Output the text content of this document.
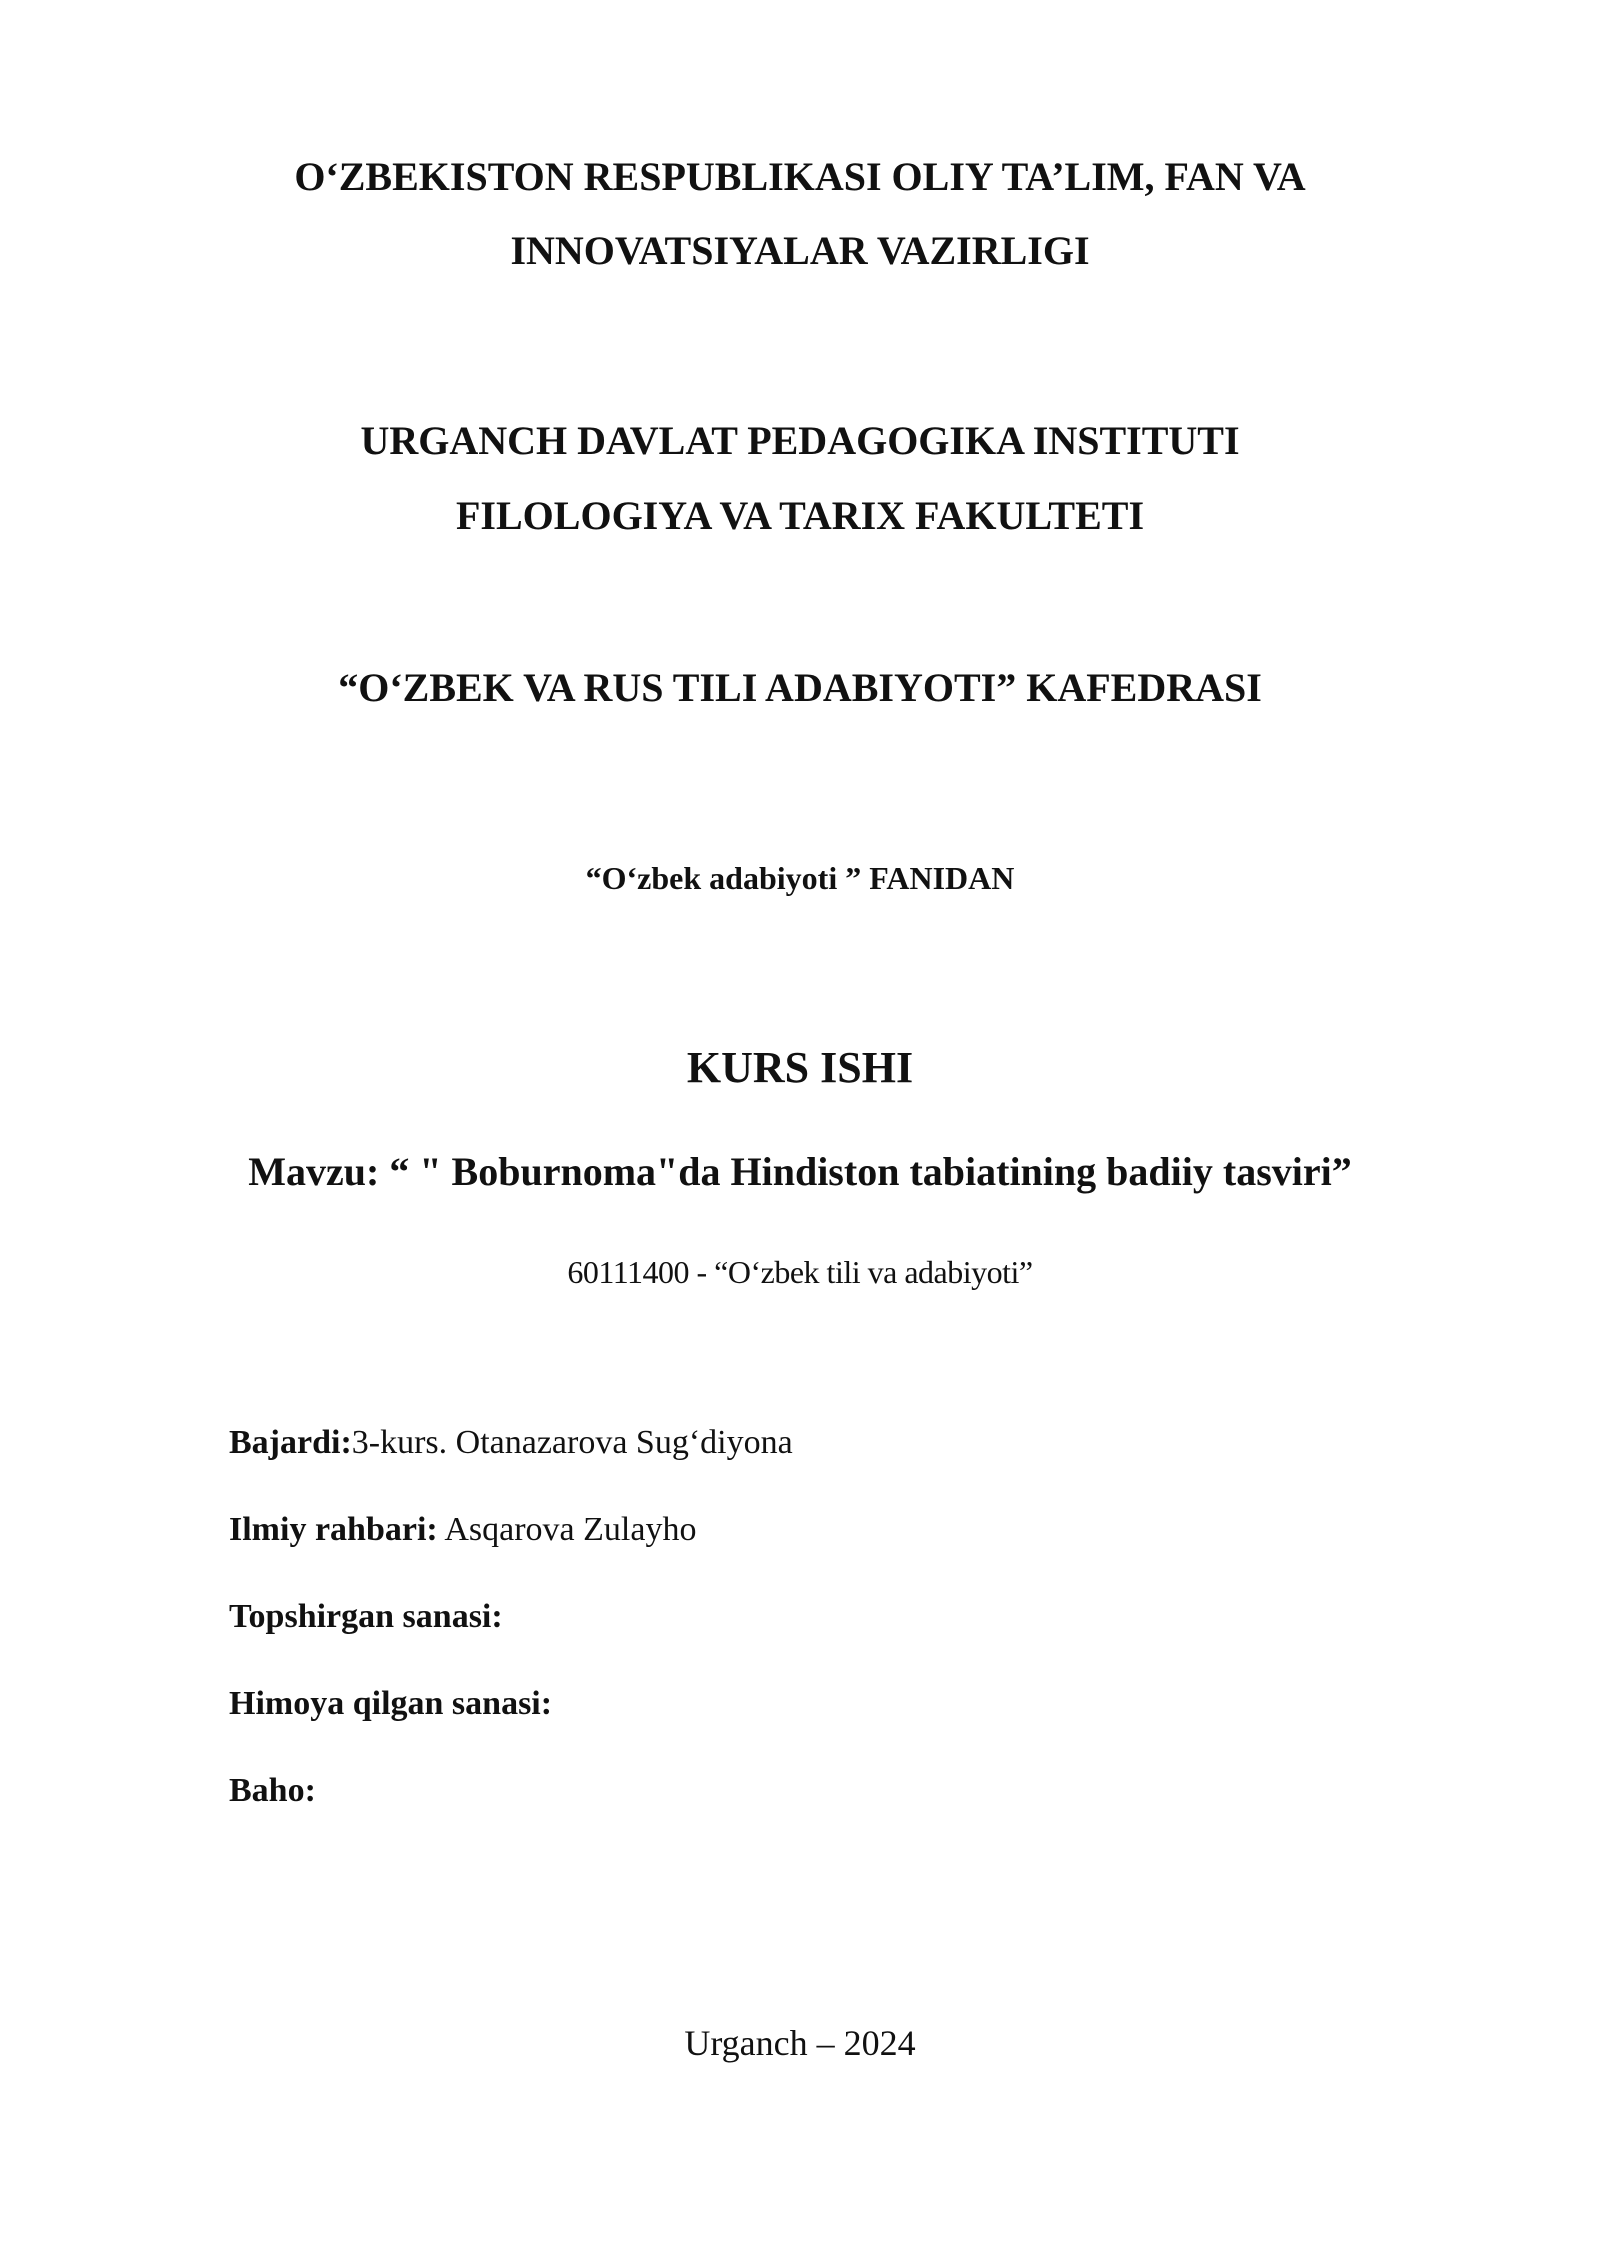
O‘ZBEKISTON RESPUBLIKASI OLIY TA’LIM, FAN VA
INNOVATSIYALAR VAZIRLIGI
URGANCH DAVLAT PEDAGOGIKA INSTITUTI
FILOLOGIYA VA TARIX FAKULTETI
“O‘ZBEK VA RUS TILI ADABIYOTI” KAFEDRASI
“O‘zbek adabiyoti ” FANIDAN
KURS ISHI
Mavzu: “ " Boburnoma"da Hindiston tabiatining badiiy tasviri”
60111400 - “O‘zbek tili va adabiyoti”
Bajardi:3-kurs. Otanazarova Sug‘diyona
Ilmiy rahbari: Asqarova Zulayho
Topshirgan sanasi:
Himoya qilgan sanasi:
Baho:
Urganch – 2024
